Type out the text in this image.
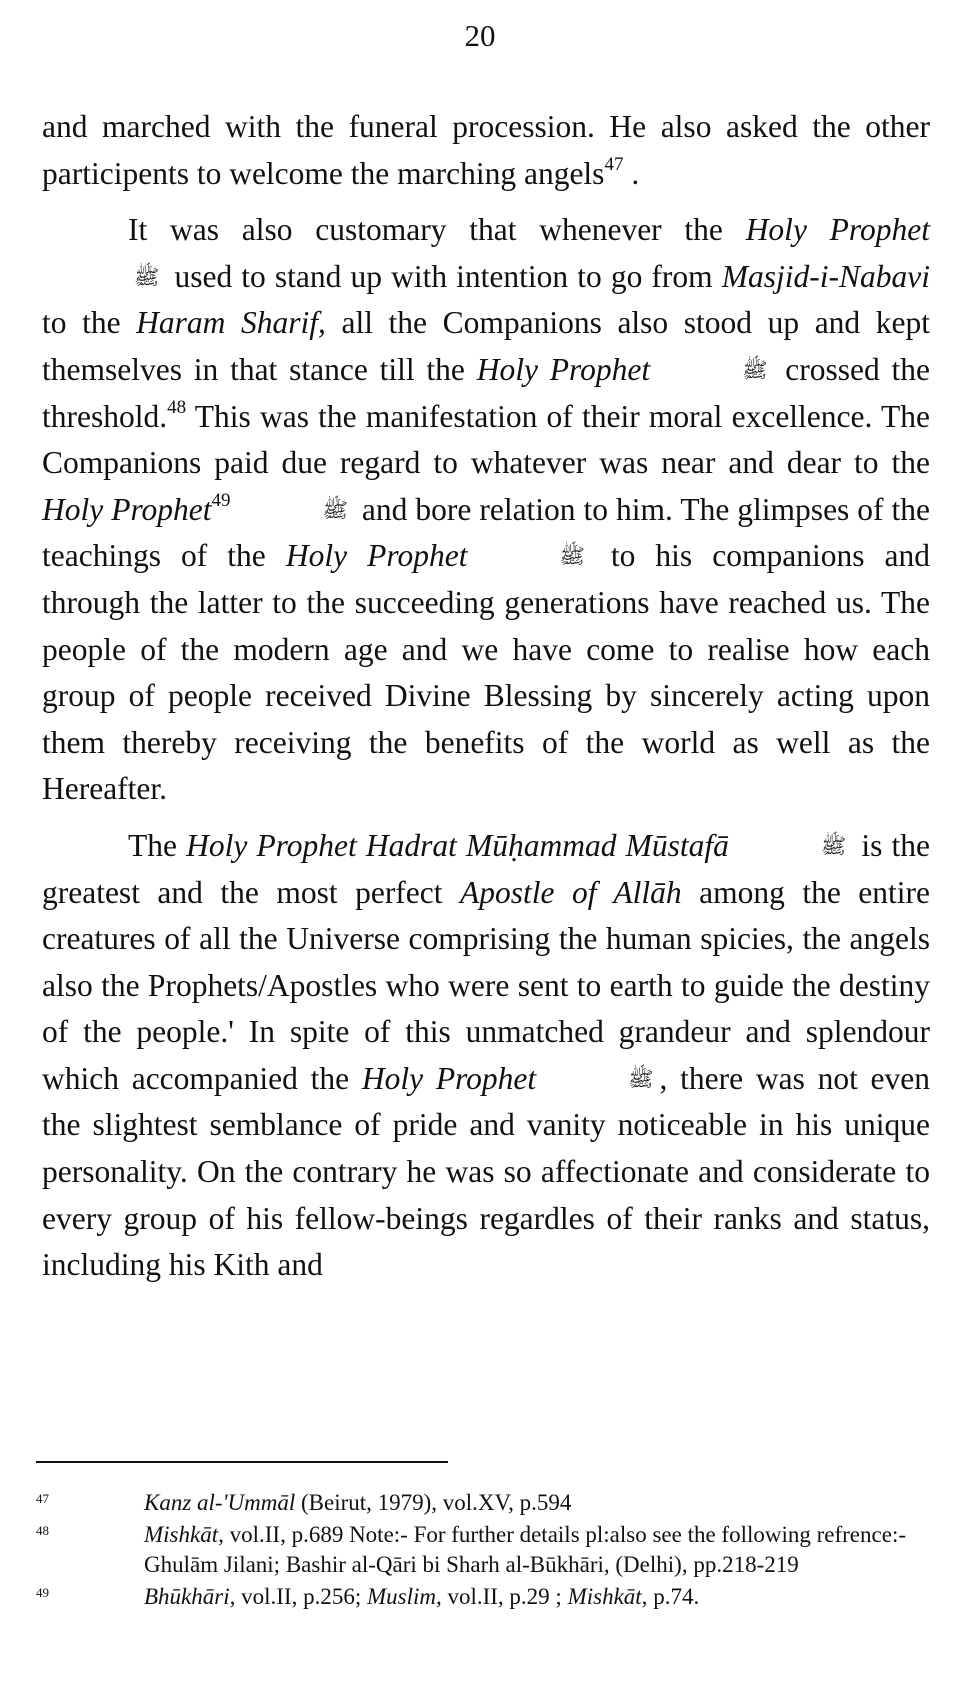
20

and marched with the funeral procession. He also asked the other participents to welcome the marching angels$^{47}$ .

It was also customary that whenever the Holy Prophetﷺ used to stand up with intention to go from Masjid-i-Nabavi to the Haram Sharif, all the Companions also stood up and kept themselves in that stance till the Holy Prophet	ﷺ crossed the threshold.$^{48}$ This was the manifestation of their moral excellence. The Companions paid due regard to whatever was near and dear to the Holy Prophet$^{49}$	ﷺ and bore relation to him. The glimpses of the teachings of the Holy Prophet	ﷺ to his companions and through the latter to the succeeding generations have reached us. The people of the modern age and we have come to realise how each group of people received Divine Blessing by sincerely acting upon them thereby receiving the benefits of the world as well as the Hereafter.

The Holy Prophet Hadrat Mūḥammad Mūstafā	ﷺ is the greatest and the most perfect Apostle of Allāh among the entire creatures of all the Universe comprising the human spicies, the angels also the Prophets/Apostles who were sent to earth to guide the destiny of the people.' In spite of this unmatched grandeur and splendour which accompanied the Holy Prophet	ﷺ , there was not even the slightest semblance of pride and vanity noticeable in his unique personality. On the contrary he was so affectionate and considerate to every group of his fellow-beings regardles of their ranks and status, including his Kith and

47	Kanz al-'Ummāl (Beirut, 1979), vol.XV, p.594
48	Mishkāt, vol.II, p.689 Note:- For further details pl:also see the following refrence:- Ghulām Jilani; Bashir al-Qāri bi Sharh al-Būkhāri, (Delhi), pp.218-219
49	Bhūkhāri, vol.II, p.256; Muslim, vol.II, p.29 ; Mishkāt, p.74.
